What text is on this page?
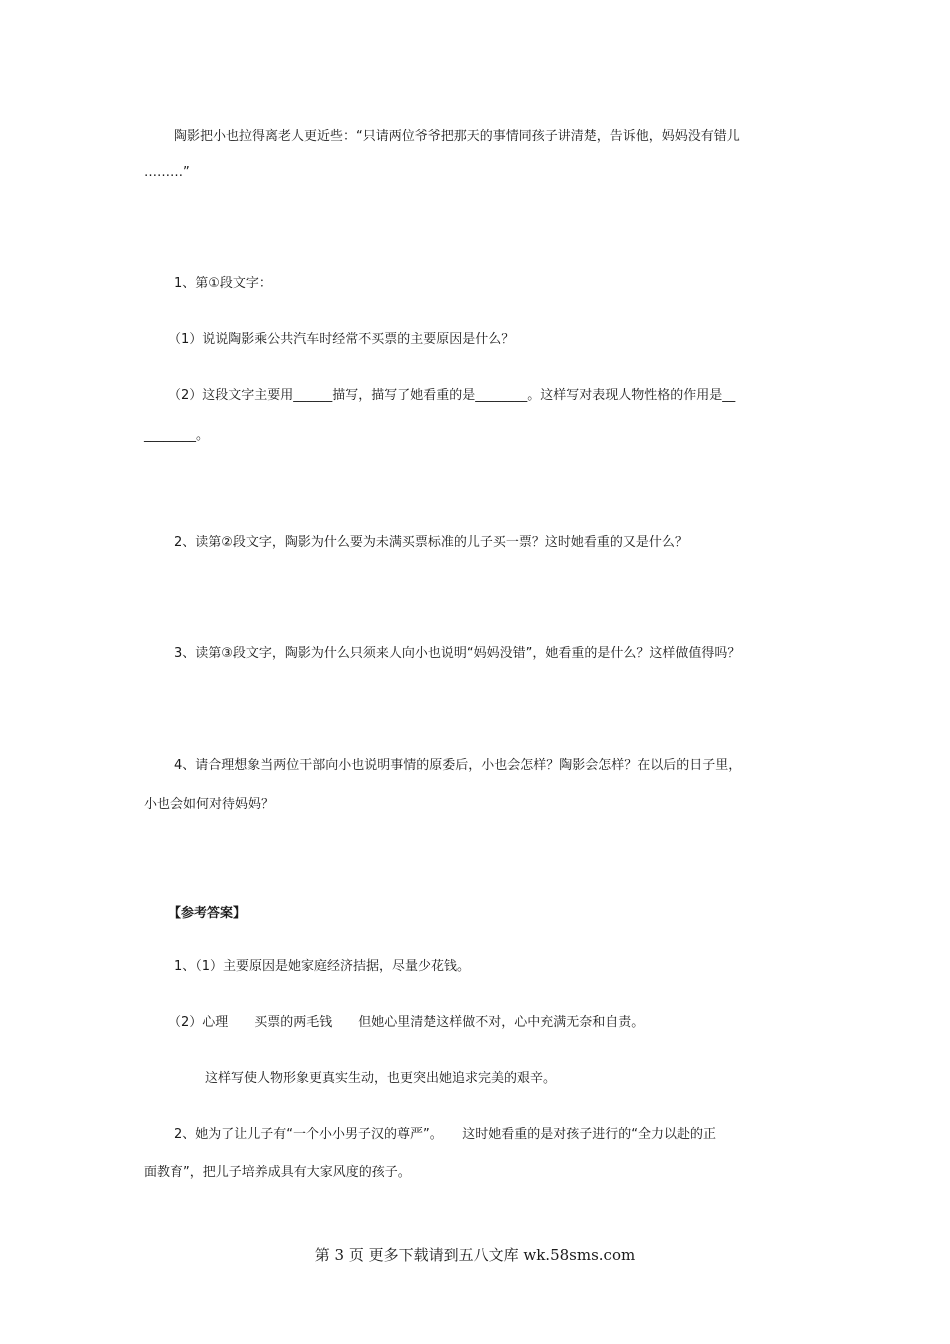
陶影把小也拉得离老人更近些：“只请两位爷爷把那天的事情同孩子讲清楚，告诉他，妈妈没有错儿
………”
1、第①段文字：
（1）说说陶影乘公共汽车时经常不买票的主要原因是什么？
（2）这段文字主要用______描写，描写了她看重的是________。这样写对表现人物性格的作用是__
________。
2、读第②段文字，陶影为什么要为未满买票标准的儿子买一票？这时她看重的又是什么？
3、读第③段文字，陶影为什么只须来人向小也说明“妈妈没错”，她看重的是什么？这样做值得吗？
4、请合理想象当两位干部向小也说明事情的原委后，小也会怎样？陶影会怎样？在以后的日子里，
小也会如何对待妈妈？
【参考答案】
1、（1）主要原因是她家庭经济拮据，尽量少花钱。
（2）心理　　买票的两毛钱　　但她心里清楚这样做不对，心中充满无奈和自责。
这样写使人物形象更真实生动，也更突出她追求完美的艰辛。
2、她为了让儿子有“一个小小男子汉的尊严”。　　这时她看重的是对孩子进行的“全力以赴的正
面教育”，把儿子培养成具有大家风度的孩子。
第 3 页 更多下载请到五八文库 wk.58sms.com
